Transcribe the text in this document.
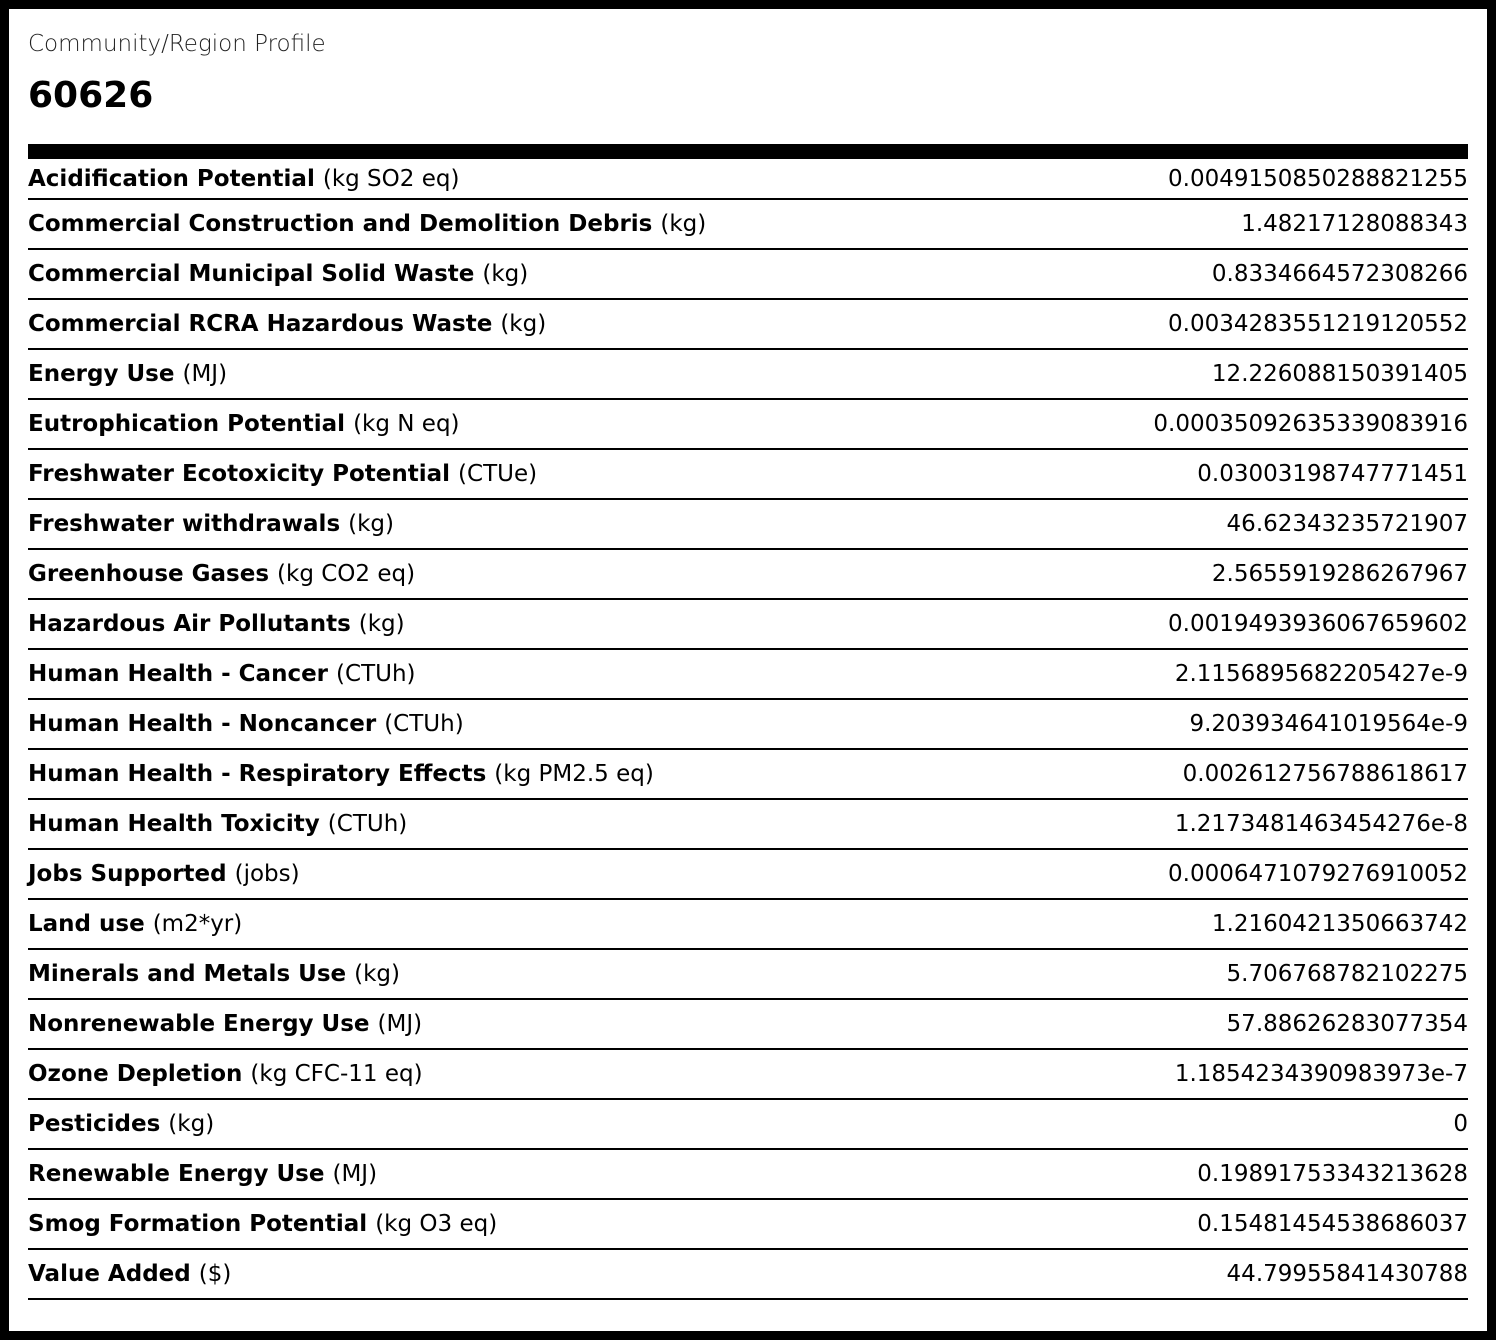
Community/Region Profile
60626
Acidification Potential (kg SO2 eq)	0.004915085028882125​5
Commercial Construction and Demolition Debris (kg)	1.48217128088343
Commercial Municipal Solid Waste (kg)	0.8334664572308266
Commercial RCRA Hazardous Waste (kg)	0.0034283551219120552
Energy Use (MJ)	12.226088150391405
Eutrophication Potential (kg N eq)	0.00035092635339083916
Freshwater Ecotoxicity Potential (CTUe)	0.03003198747771451
Freshwater withdrawals (kg)	46.62343235721907
Greenhouse Gases (kg CO2 eq)	2.5655919286267967
Hazardous Air Pollutants (kg)	0.0019493936067659602
Human Health - Cancer (CTUh)	2.1156895682205427e-9
Human Health - Noncancer (CTUh)	9.203934641019564e-9
Human Health - Respiratory Effects (kg PM2.5 eq)	0.002612756788618617
Human Health Toxicity (CTUh)	1.2173481463454276e-8
Jobs Supported (jobs)	0.0006471079276910052
Land use (m2*yr)	1.2160421350663742
Minerals and Metals Use (kg)	5.706768782102275
Nonrenewable Energy Use (MJ)	57.88626283077354
Ozone Depletion (kg CFC-11 eq)	1.1854234390983973e-7
Pesticides (kg)	0
Renewable Energy Use (MJ)	0.19891753343213628
Smog Formation Potential (kg O3 eq)	0.15481454538686037
Value Added ($)	44.79955841430788
